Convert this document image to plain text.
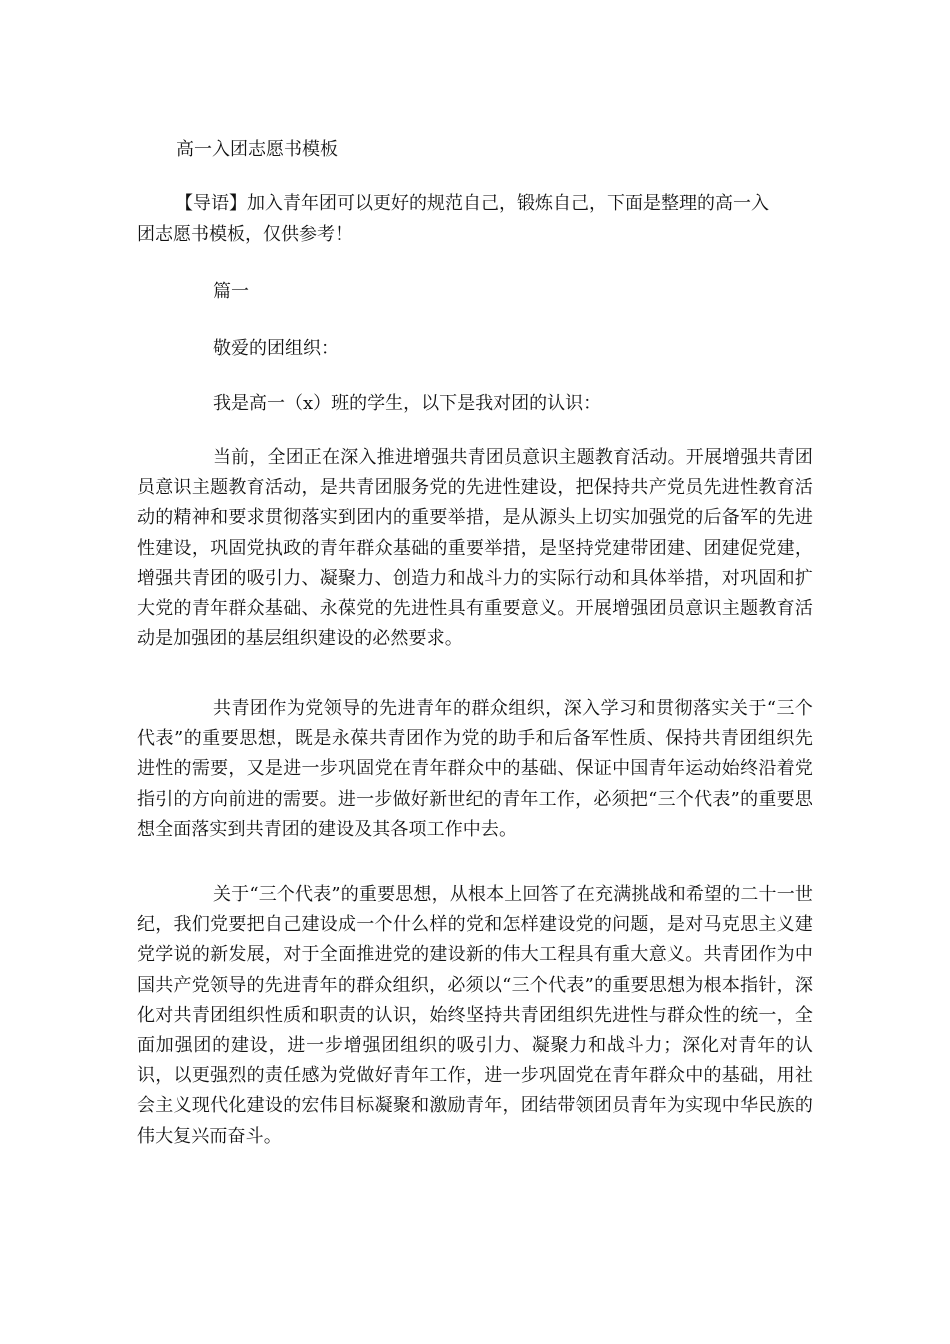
高一入团志愿书模板
【导语】加入青年团可以更好的规范自己，锻炼自己，下面是整理的高一入
团志愿书模板，仅供参考！
篇一
敬爱的团组织：
我是高一（x）班的学生，以下是我对团的认识：
当前，全团正在深入推进增强共青团员意识主题教育活动。开展增强共青团员意识主题教育活动，是共青团服务党的先进性建设，把保持共产党员先进性教育活动的精神和要求贯彻落实到团内的重要举措，是从源头上切实加强党的后备军的先进性建设，巩固党执政的青年群众基础的重要举措，是坚持党建带团建、团建促党建，增强共青团的吸引力、凝聚力、创造力和战斗力的实际行动和具体举措，对巩固和扩大党的青年群众基础、永葆党的先进性具有重要意义。开展增强团员意识主题教育活动是加强团的基层组织建设的必然要求。
共青团作为党领导的先进青年的群众组织，深入学习和贯彻落实关于“三个代表”的重要思想，既是永葆共青团作为党的助手和后备军性质、保持共青团组织先进性的需要，又是进一步巩固党在青年群众中的基础、保证中国青年运动始终沿着党指引的方向前进的需要。进一步做好新世纪的青年工作，必须把“三个代表”的重要思想全面落实到共青团的建设及其各项工作中去。
关于“三个代表”的重要思想，从根本上回答了在充满挑战和希望的二十一世纪，我们党要把自己建设成一个什么样的党和怎样建设党的问题，是对马克思主义建党学说的新发展，对于全面推进党的建设新的伟大工程具有重大意义。共青团作为中国共产党领导的先进青年的群众组织，必须以“三个代表”的重要思想为根本指针，深化对共青团组织性质和职责的认识，始终坚持共青团组织先进性与群众性的统一，全面加强团的建设，进一步增强团组织的吸引力、凝聚力和战斗力；深化对青年的认识，以更强烈的责任感为党做好青年工作，进一步巩固党在青年群众中的基础，用社会主义现代化建设的宏伟目标凝聚和激励青年，团结带领团员青年为实现中华民族的伟大复兴而奋斗。
